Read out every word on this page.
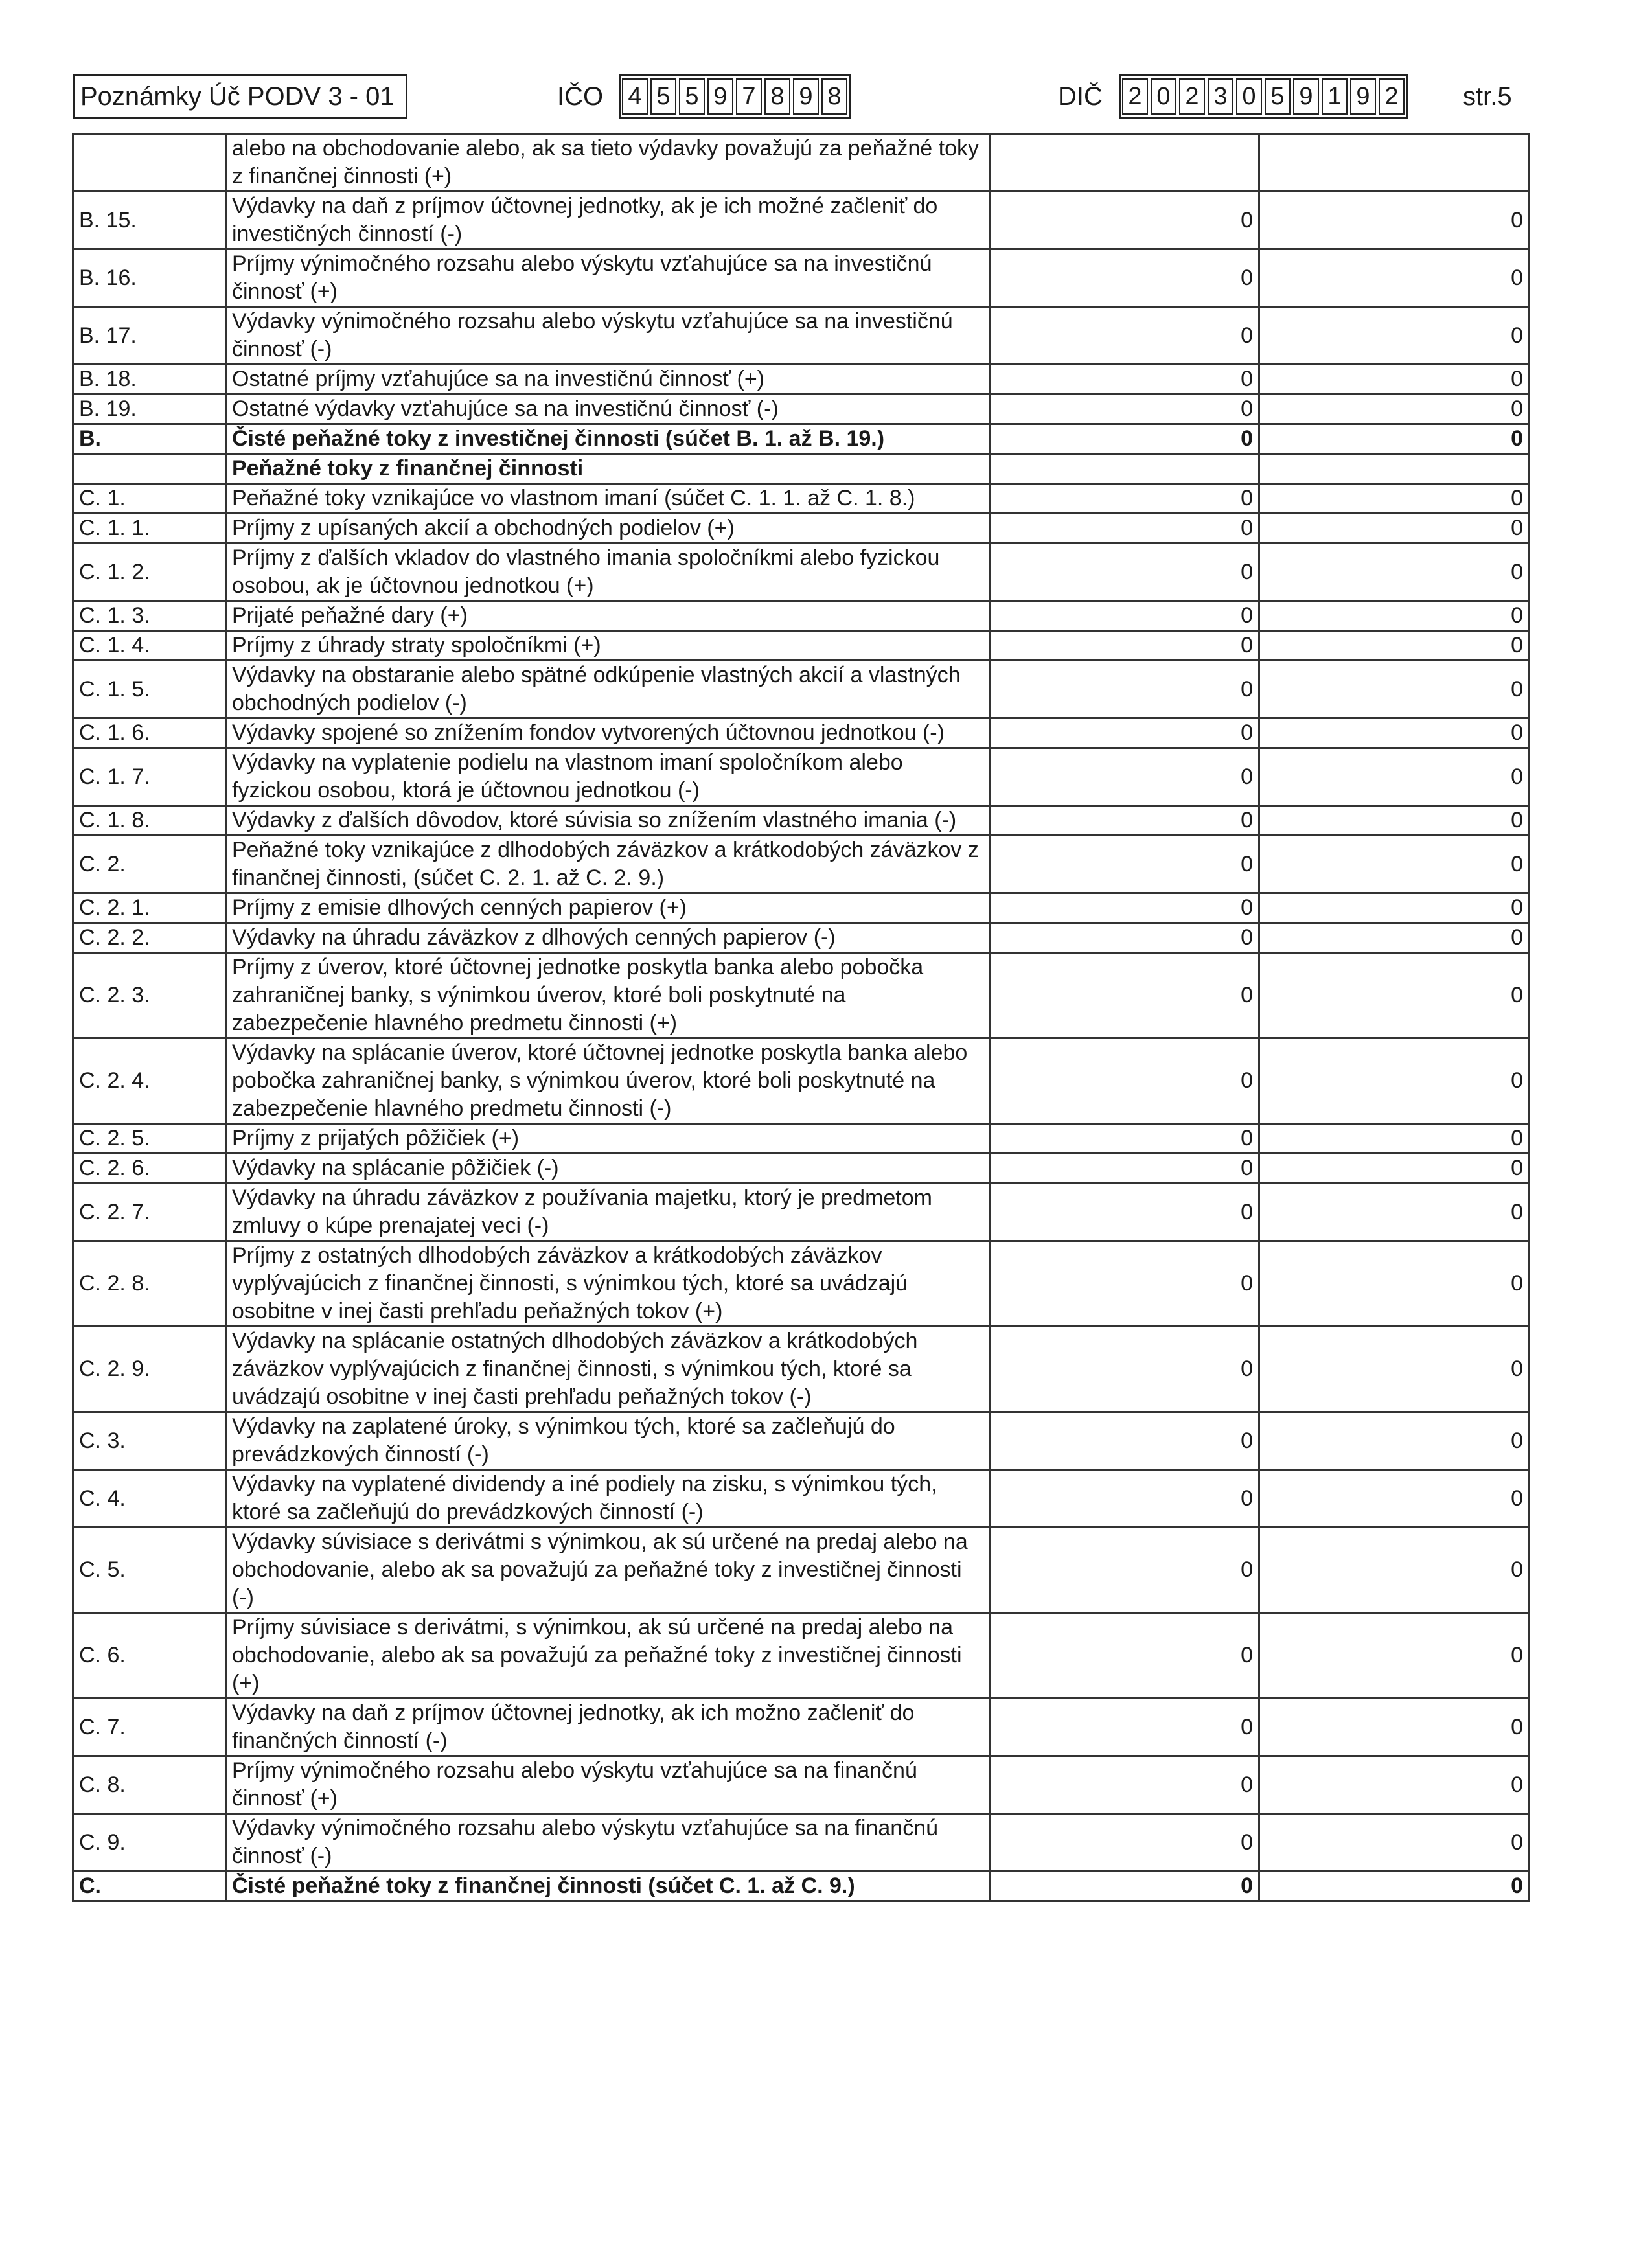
Poznámky Úč PODV 3 - 01	IČO 4 5 5 9 7 8 9 8	DIČ 2 0 2 3 0 5 9 1 9 2 str.5
	alebo na obchodovanie alebo, ak sa tieto výdavky považujú za peňažné toky z finančnej činnosti (+)		
B. 15.	Výdavky na daň z príjmov účtovnej jednotky, ak je ich možné začleniť do investičných činností (-)	0	0
B. 16.	Príjmy výnimočného rozsahu alebo výskytu vzťahujúce sa na investičnú činnosť (+)	0	0
B. 17.	Výdavky výnimočného rozsahu alebo výskytu vzťahujúce sa na investičnú činnosť (-)	0	0
B. 18.	Ostatné príjmy vzťahujúce sa na investičnú činnosť (+)	0	0
B. 19.	Ostatné výdavky vzťahujúce sa na investičnú činnosť (-)	0	0
B.	Čisté peňažné toky z investičnej činnosti (súčet B. 1. až B. 19.)	0	0
	Peňažné toky z finančnej činnosti		
C. 1.	Peňažné toky vznikajúce vo vlastnom imaní (súčet C. 1. 1. až C. 1. 8.)	0	0
C. 1. 1.	Príjmy z upísaných akcií a obchodných podielov (+)	0	0
C. 1. 2.	Príjmy z ďalších vkladov do vlastného imania spoločníkmi alebo fyzickou osobou, ak je účtovnou jednotkou (+)	0	0
C. 1. 3.	Prijaté peňažné dary (+)	0	0
C. 1. 4.	Príjmy z úhrady straty spoločníkmi (+)	0	0
C. 1. 5.	Výdavky na obstaranie alebo spätné odkúpenie vlastných akcií a vlastných obchodných podielov (-)	0	0
C. 1. 6.	Výdavky spojené so znížením fondov vytvorených účtovnou jednotkou (-)	0	0
C. 1. 7.	Výdavky na vyplatenie podielu na vlastnom imaní spoločníkom alebo fyzickou osobou, ktorá je účtovnou jednotkou (-)	0	0
C. 1. 8.	Výdavky z ďalších dôvodov, ktoré súvisia so znížením vlastného imania (-)	0	0
C. 2.	Peňažné toky vznikajúce z dlhodobých záväzkov a krátkodobých záväzkov z finančnej činnosti, (súčet C. 2. 1. až C. 2. 9.)	0	0
C. 2. 1.	Príjmy z emisie dlhových cenných papierov (+)	0	0
C. 2. 2.	Výdavky na úhradu záväzkov z dlhových cenných papierov (-)	0	0
C. 2. 3.	Príjmy z úverov, ktoré účtovnej jednotke poskytla banka alebo pobočka zahraničnej banky, s výnimkou úverov, ktoré boli poskytnuté na zabezpečenie hlavného predmetu činnosti (+)	0	0
C. 2. 4.	Výdavky na splácanie úverov, ktoré účtovnej jednotke poskytla banka alebo pobočka zahraničnej banky, s výnimkou úverov, ktoré boli poskytnuté na zabezpečenie hlavného predmetu činnosti (-)	0	0
C. 2. 5.	Príjmy z prijatých pôžičiek (+)	0	0
C. 2. 6.	Výdavky na splácanie pôžičiek (-)	0	0
C. 2. 7.	Výdavky na úhradu záväzkov z používania majetku, ktorý je predmetom zmluvy o kúpe prenajatej veci (-)	0	0
C. 2. 8.	Príjmy z ostatných dlhodobých záväzkov a krátkodobých záväzkov vyplývajúcich z finančnej činnosti, s výnimkou tých, ktoré sa uvádzajú osobitne v inej časti prehľadu peňažných tokov (+)	0	0
C. 2. 9.	Výdavky na splácanie ostatných dlhodobých záväzkov a krátkodobých záväzkov vyplývajúcich z finančnej činnosti, s výnimkou tých, ktoré sa uvádzajú osobitne v inej časti prehľadu peňažných tokov (-)	0	0
C. 3.	Výdavky na zaplatené úroky, s výnimkou tých, ktoré sa začleňujú do prevádzkových činností (-)	0	0
C. 4.	Výdavky na vyplatené dividendy a iné podiely na zisku, s výnimkou tých, ktoré sa začleňujú do prevádzkových činností (-)	0	0
C. 5.	Výdavky súvisiace s derivátmi s výnimkou, ak sú určené na predaj alebo na obchodovanie, alebo ak sa považujú za peňažné toky z investičnej činnosti (-)	0	0
C. 6.	Príjmy súvisiace s derivátmi, s výnimkou, ak sú určené na predaj alebo na obchodovanie, alebo ak sa považujú za peňažné toky z investičnej činnosti (+)	0	0
C. 7.	Výdavky na daň z príjmov účtovnej jednotky, ak ich možno začleniť do finančných činností (-)	0	0
C. 8.	Príjmy výnimočného rozsahu alebo výskytu vzťahujúce sa na finančnú činnosť (+)	0	0
C. 9.	Výdavky výnimočného rozsahu alebo výskytu vzťahujúce sa na finančnú činnosť (-)	0	0
C.	Čisté peňažné toky z finančnej činnosti (súčet C. 1. až C. 9.)	0	0
